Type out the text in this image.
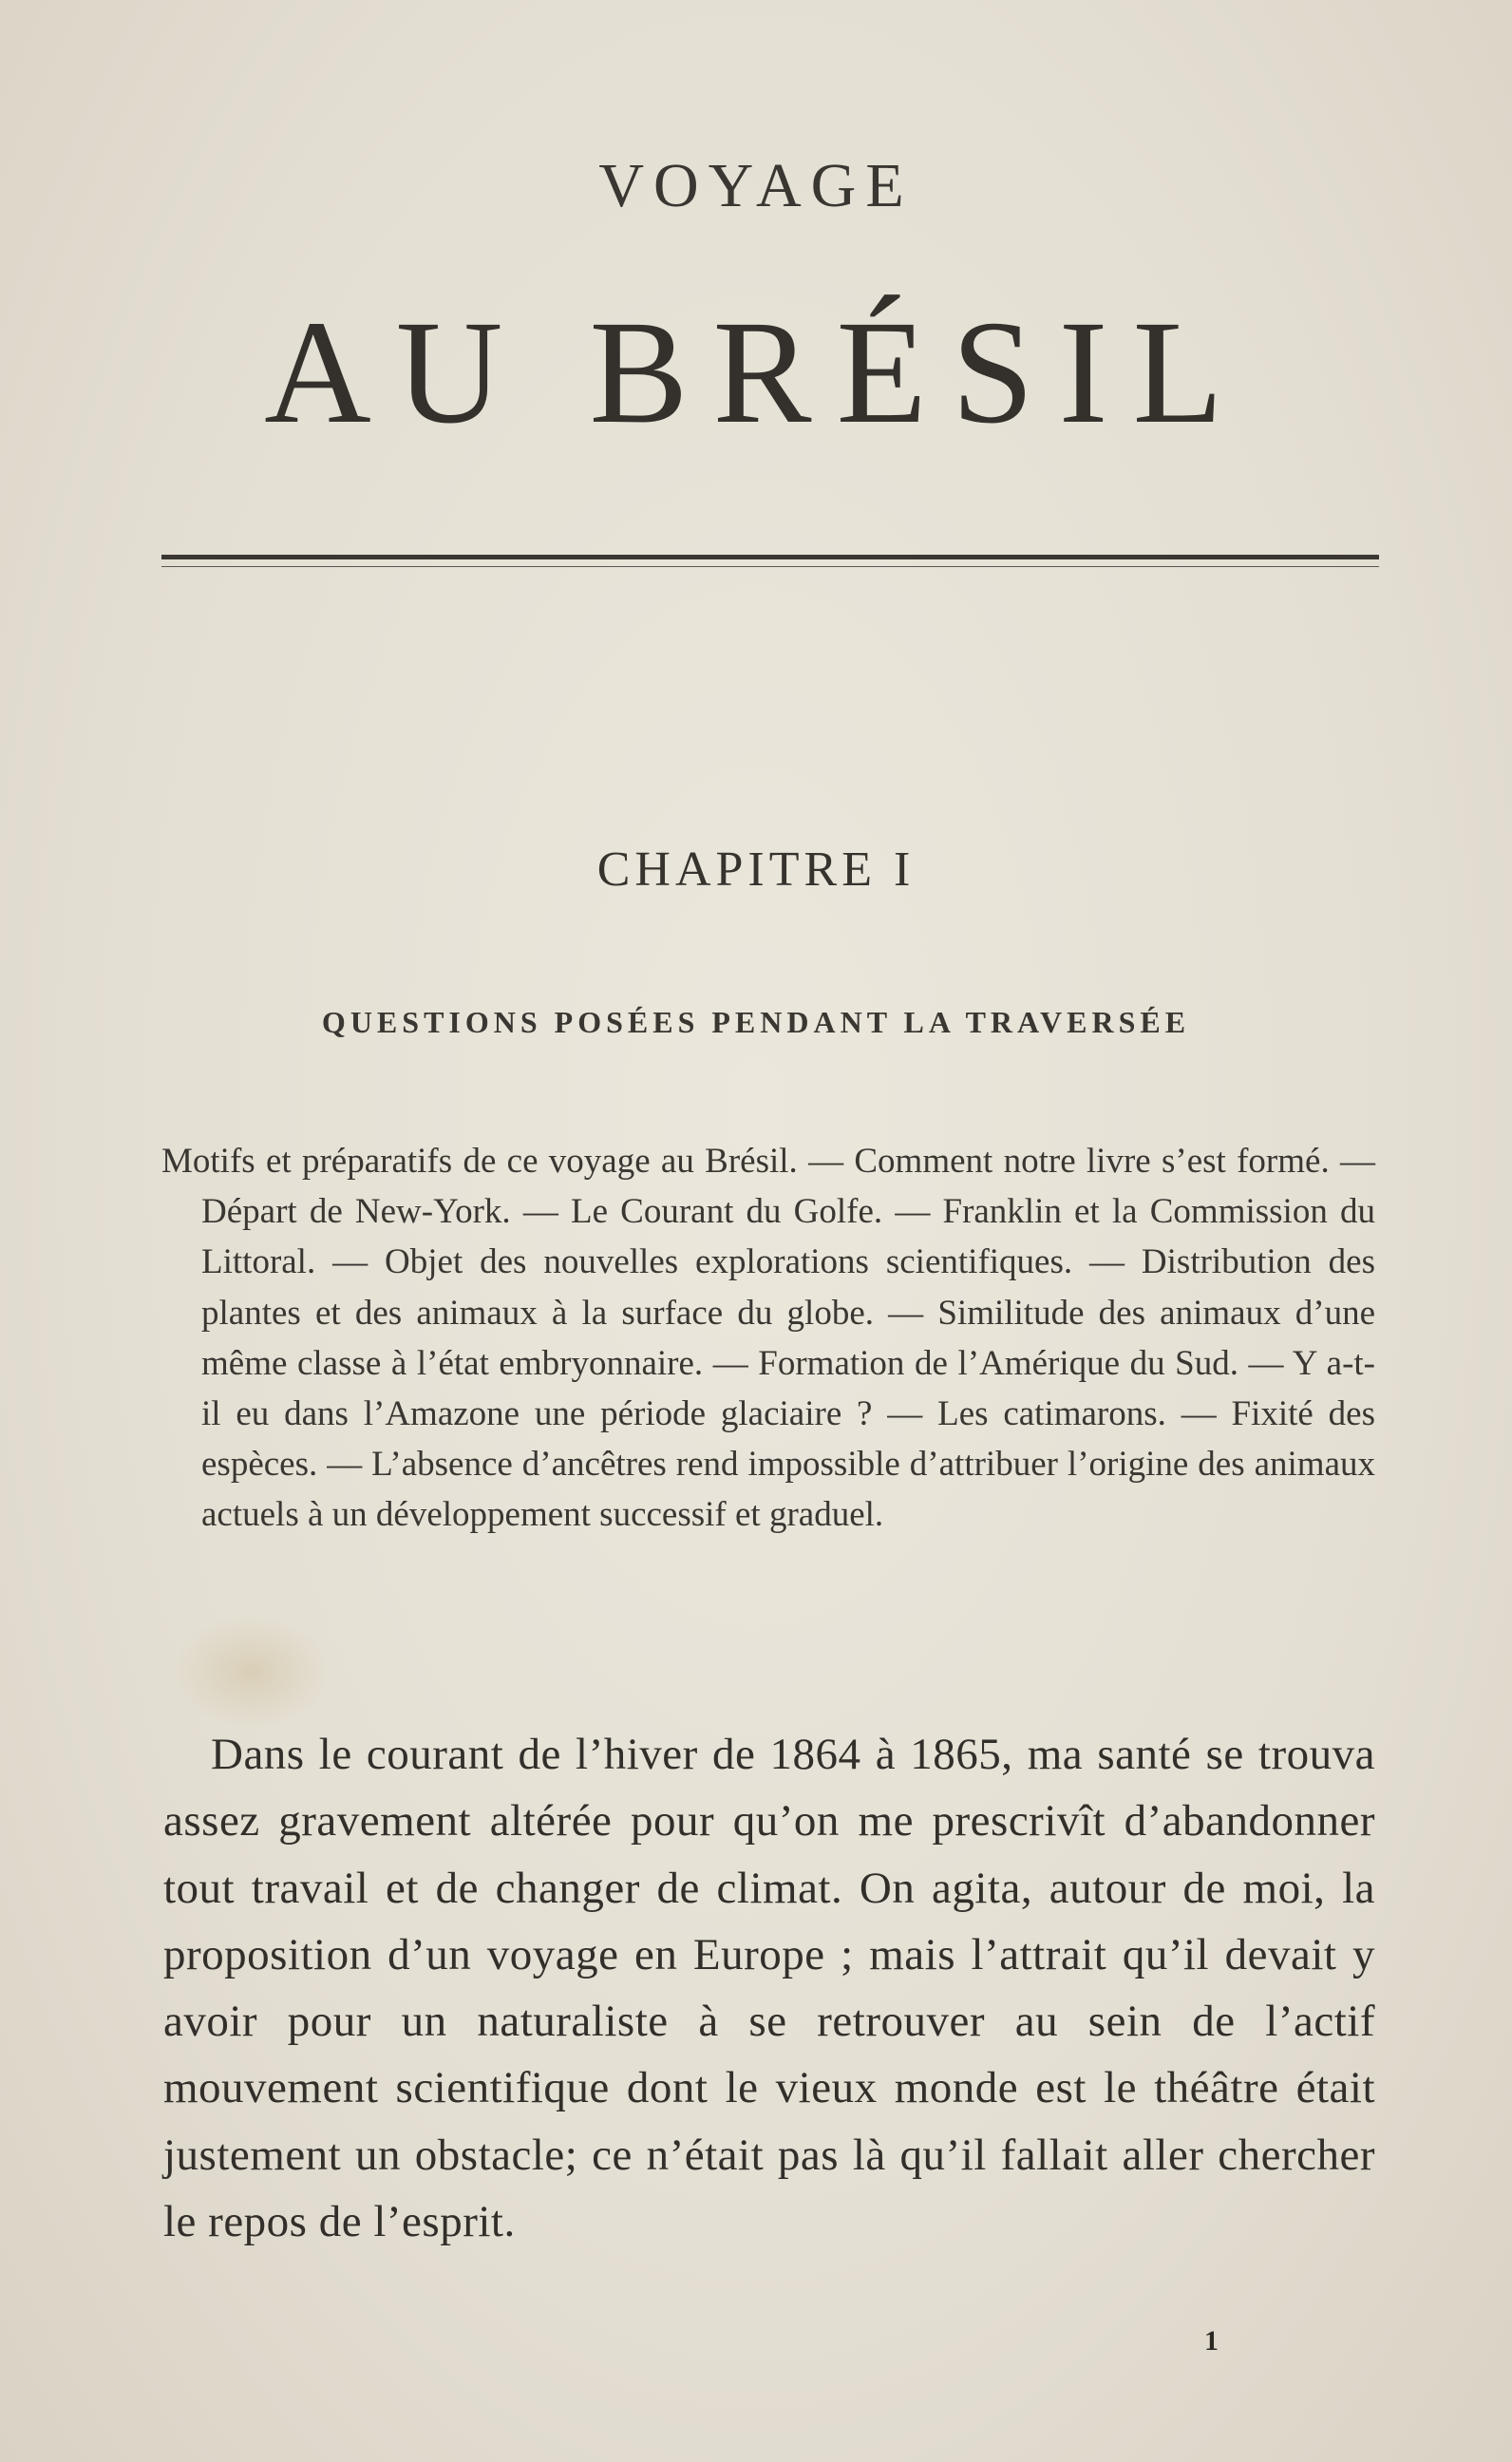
VOYAGE
AU BRÉSIL
CHAPITRE I
QUESTIONS POSÉES PENDANT LA TRAVERSÉE
Motifs et préparatifs de ce voyage au Brésil. — Comment notre livre s’est formé. — Départ de New-York. — Le Courant du Golfe. — Franklin et la Commission du Littoral. — Objet des nouvelles explorations scientifiques. — Distribution des plantes et des animaux à la surface du globe. — Similitude des animaux d’une même classe à l’état embryonnaire. — Formation de l’Amérique du Sud. — Y a-t-il eu dans l’Amazone une période glaciaire ? — Les catimarons. — Fixité des espèces. — L’absence d’ancêtres rend impossible d’attribuer l’origine des animaux actuels à un développement successif et graduel.
Dans le courant de l’hiver de 1864 à 1865, ma santé se trouva assez gravement altérée pour qu’on me prescrivît d’abandonner tout travail et de changer de climat. On agita, autour de moi, la proposition d’un voyage en Europe ; mais l’attrait qu’il devait y avoir pour un naturaliste à se retrouver au sein de l’actif mouvement scientifique dont le vieux monde est le théâtre était justement un obstacle; ce n’était pas là qu’il fallait aller chercher le repos de l’esprit.
1
